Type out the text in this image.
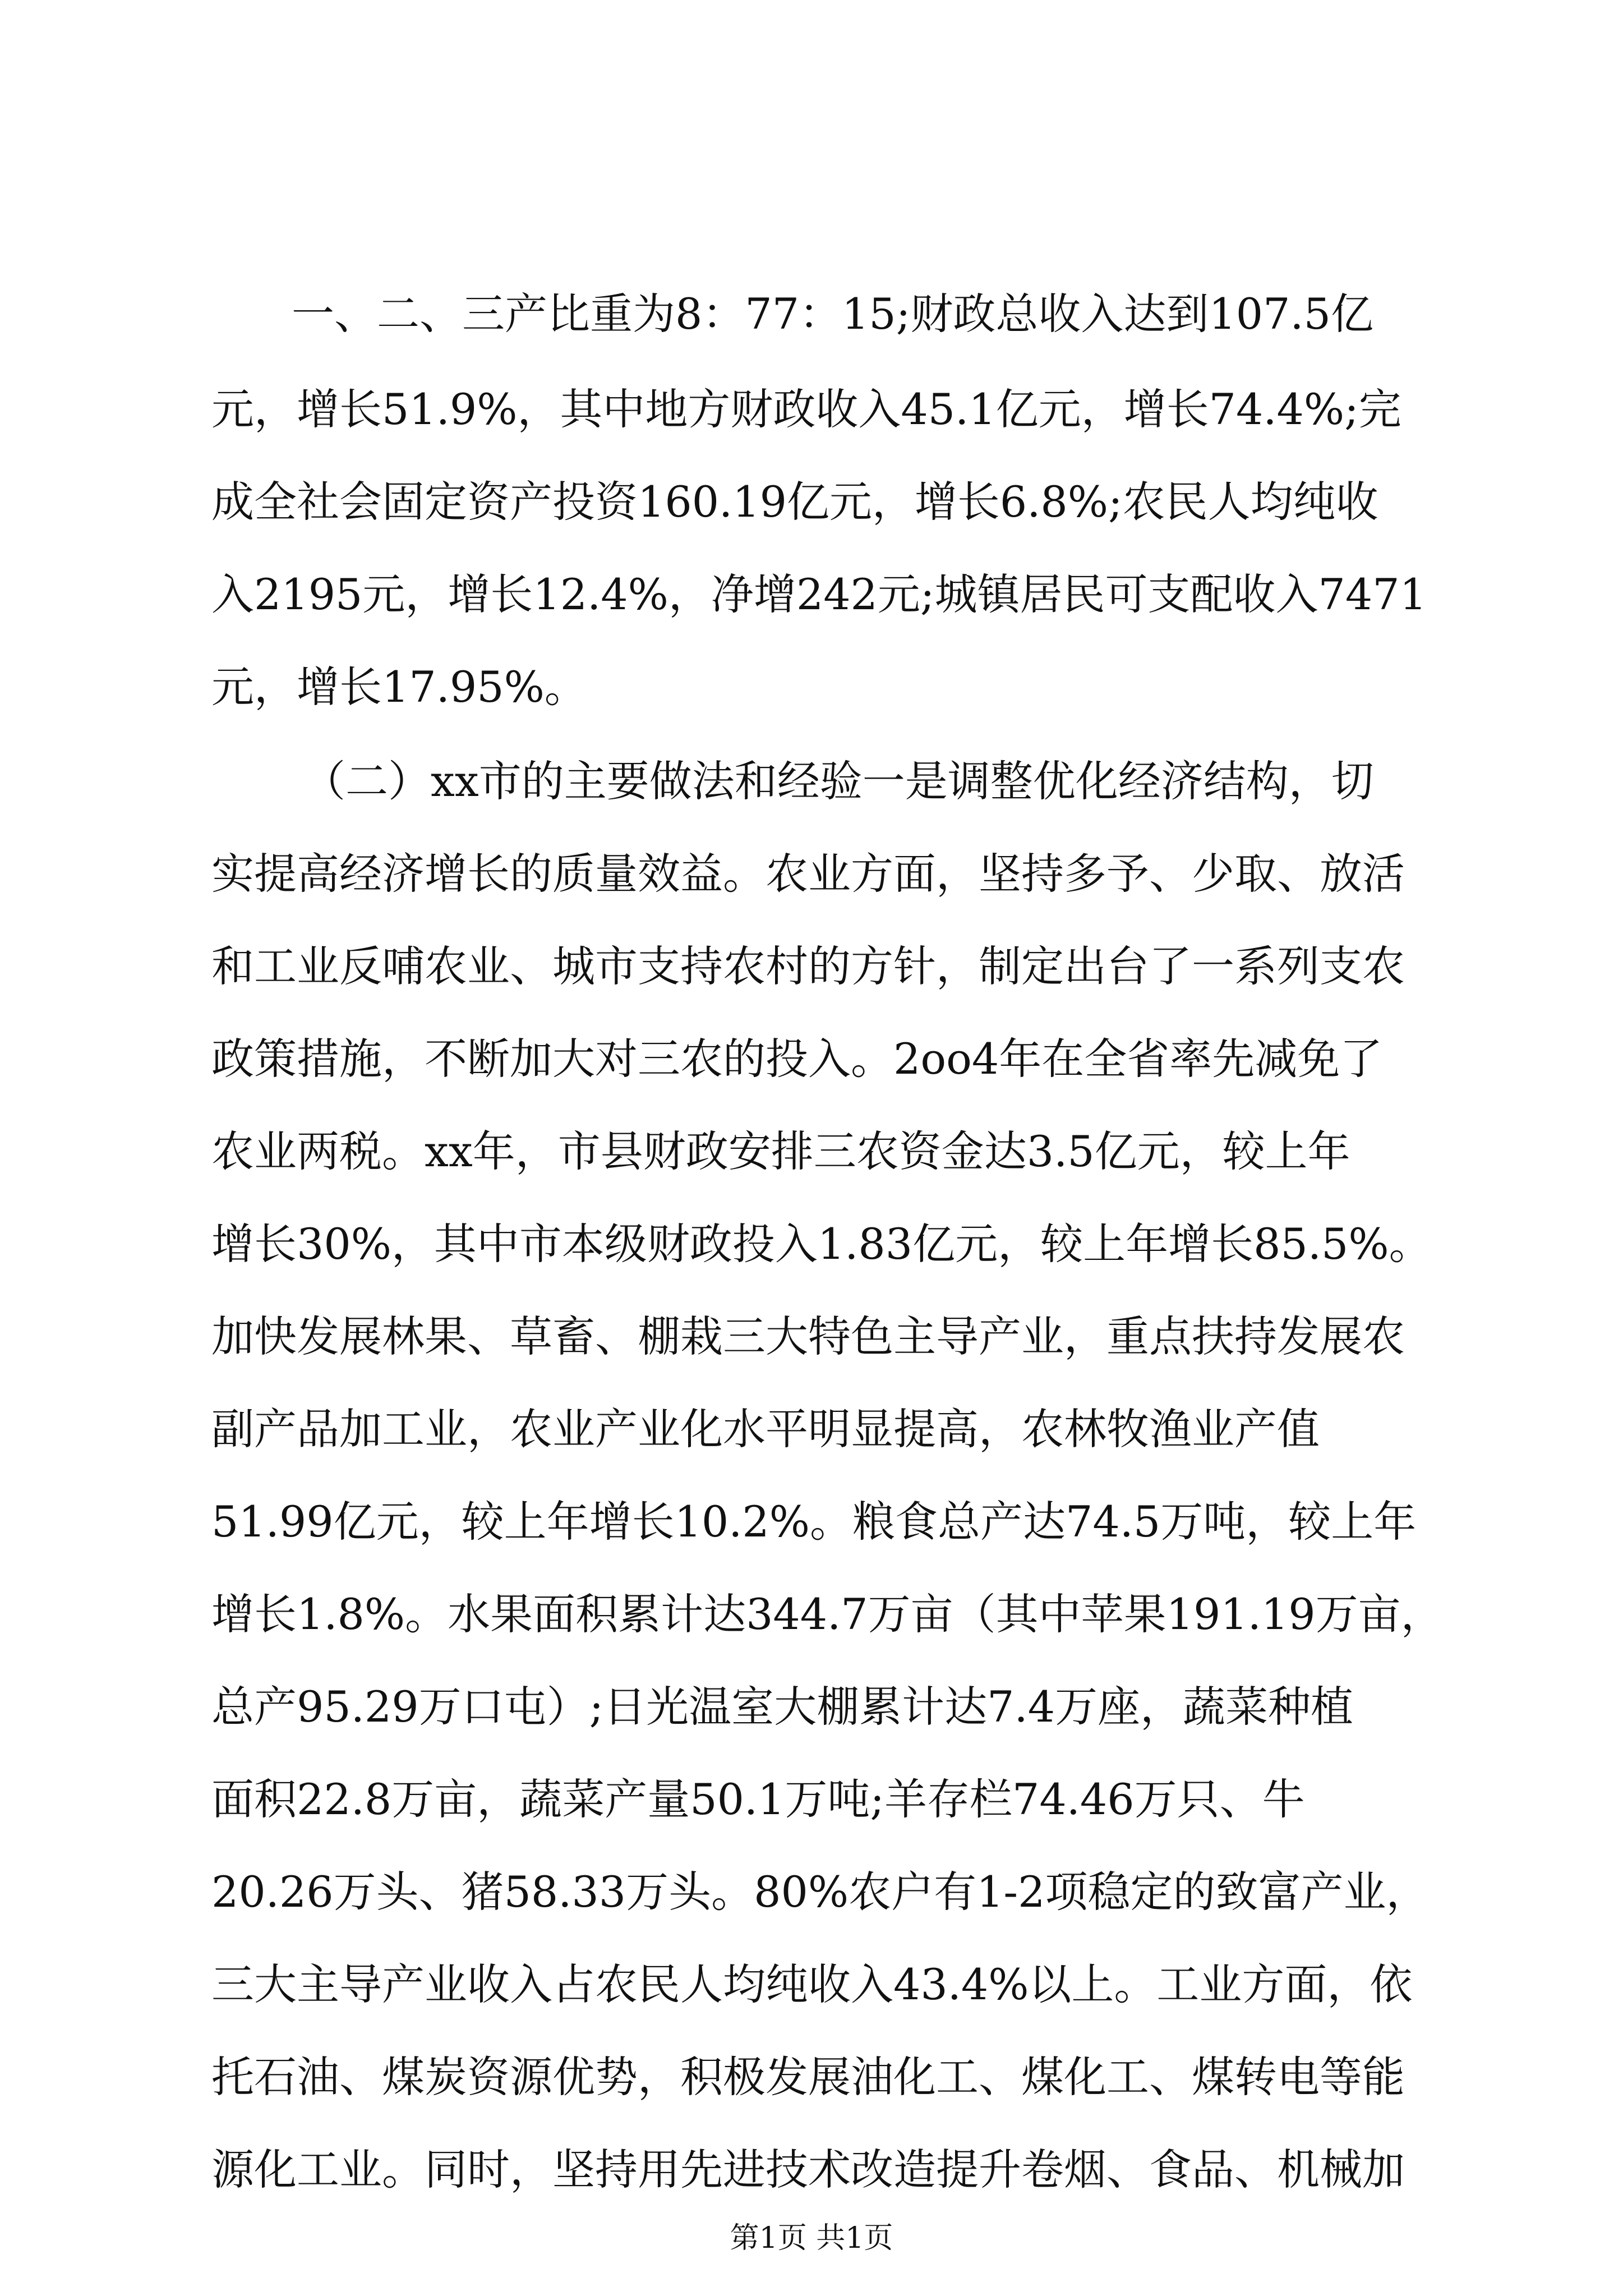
一、二、三产比重为8：77：15;财政总收入达到107.5亿
元，增长51.9%，其中地方财政收入45.1亿元，增长74.4%;完
成全社会固定资产投资160.19亿元，增长6.8%;农民人均纯收
入2195元，增长12.4%，净增242元;城镇居民可支配收入7471
元，增长17.95%。
（二）xx市的主要做法和经验一是调整优化经济结构，切
实提高经济增长的质量效益。农业方面，坚持多予、少取、放活
和工业反哺农业、城市支持农村的方针，制定出台了一系列支农
政策措施，不断加大对三农的投入。2oo4年在全省率先减免了
农业两税。xx年，市县财政安排三农资金达3.5亿元，较上年
增长30%，其中市本级财政投入1.83亿元，较上年增长85.5%。
加快发展林果、草畜、棚栽三大特色主导产业，重点扶持发展农
副产品加工业，农业产业化水平明显提高，农林牧渔业产值
51.99亿元，较上年增长10.2%。粮食总产达74.5万吨，较上年
增长1.8%。水果面积累计达344.7万亩（其中苹果191.19万亩，
总产95.29万口屯）;日光温室大棚累计达7.4万座，蔬菜种植
面积22.8万亩，蔬菜产量50.1万吨;羊存栏74.46万只、牛
20.26万头、猪58.33万头。80%农户有1-2项稳定的致富产业，
三大主导产业收入占农民人均纯收入43.4%以上。工业方面，依
托石油、煤炭资源优势，积极发展油化工、煤化工、煤转电等能
源化工业。同时，坚持用先进技术改造提升卷烟、食品、机械加
第1页 共1页
